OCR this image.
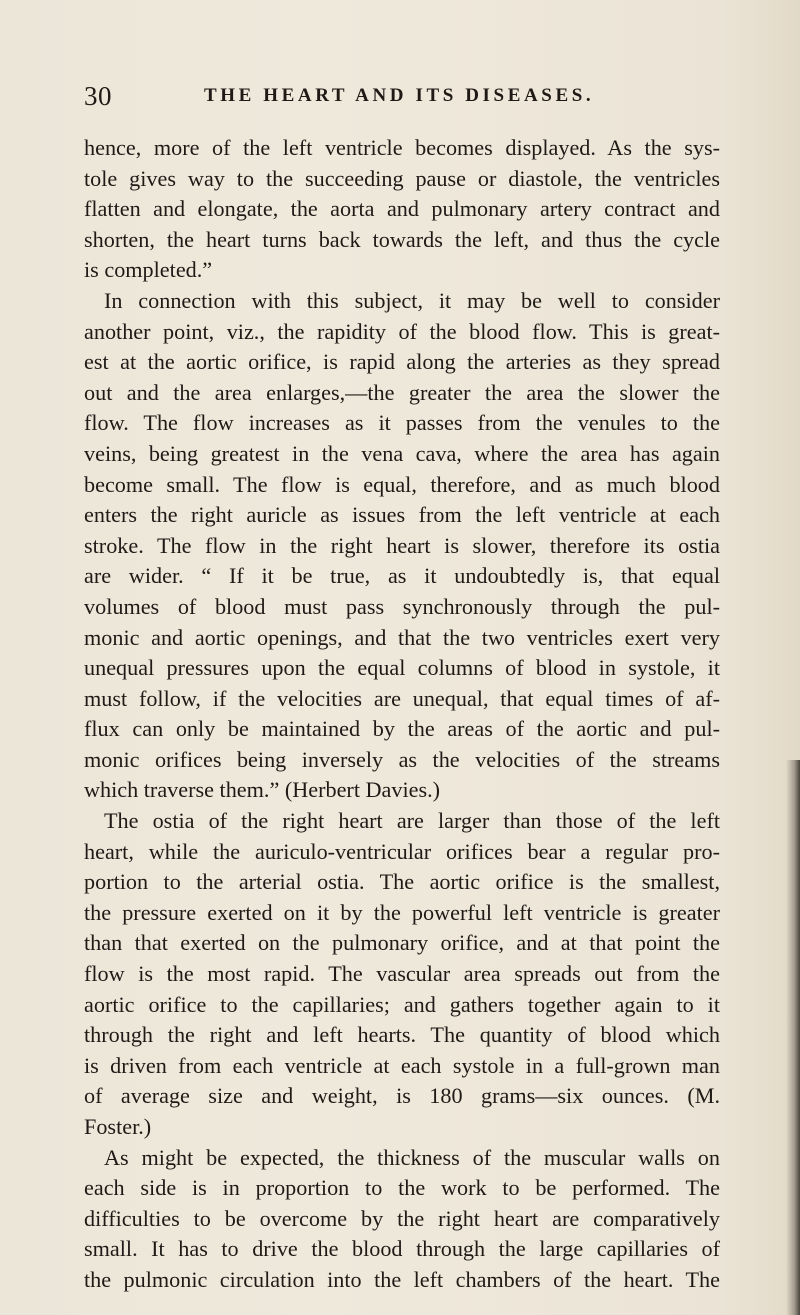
30	THE HEART AND ITS DISEASES.
hence, more of the left ventricle becomes displayed. As the sys-
tole gives way to the succeeding pause or diastole, the ventricles
flatten and elongate, the aorta and pulmonary artery contract and
shorten, the heart turns back towards the left, and thus the cycle
is completed.”
In connection with this subject, it may be well to consider
another point, viz., the rapidity of the blood flow. This is great-
est at the aortic orifice, is rapid along the arteries as they spread
out and the area enlarges,—the greater the area the slower the
flow. The flow increases as it passes from the venules to the
veins, being greatest in the vena cava, where the area has again
become small. The flow is equal, therefore, and as much blood
enters the right auricle as issues from the left ventricle at each
stroke. The flow in the right heart is slower, therefore its ostia
are wider. “ If it be true, as it undoubtedly is, that equal
volumes of blood must pass synchronously through the pul-
monic and aortic openings, and that the two ventricles exert very
unequal pressures upon the equal columns of blood in systole, it
must follow, if the velocities are unequal, that equal times of af-
flux can only be maintained by the areas of the aortic and pul-
monic orifices being inversely as the velocities of the streams
which traverse them.” (Herbert Davies.)
The ostia of the right heart are larger than those of the left
heart, while the auriculo-ventricular orifices bear a regular pro-
portion to the arterial ostia. The aortic orifice is the smallest,
the pressure exerted on it by the powerful left ventricle is greater
than that exerted on the pulmonary orifice, and at that point the
flow is the most rapid. The vascular area spreads out from the
aortic orifice to the capillaries; and gathers together again to it
through the right and left hearts. The quantity of blood which
is driven from each ventricle at each systole in a full-grown man
of average size and weight, is 180 grams—six ounces. (M.
Foster.)
As might be expected, the thickness of the muscular walls on
each side is in proportion to the work to be performed. The
difficulties to be overcome by the right heart are comparatively
small. It has to drive the blood through the large capillaries of
the pulmonic circulation into the left chambers of the heart. The
